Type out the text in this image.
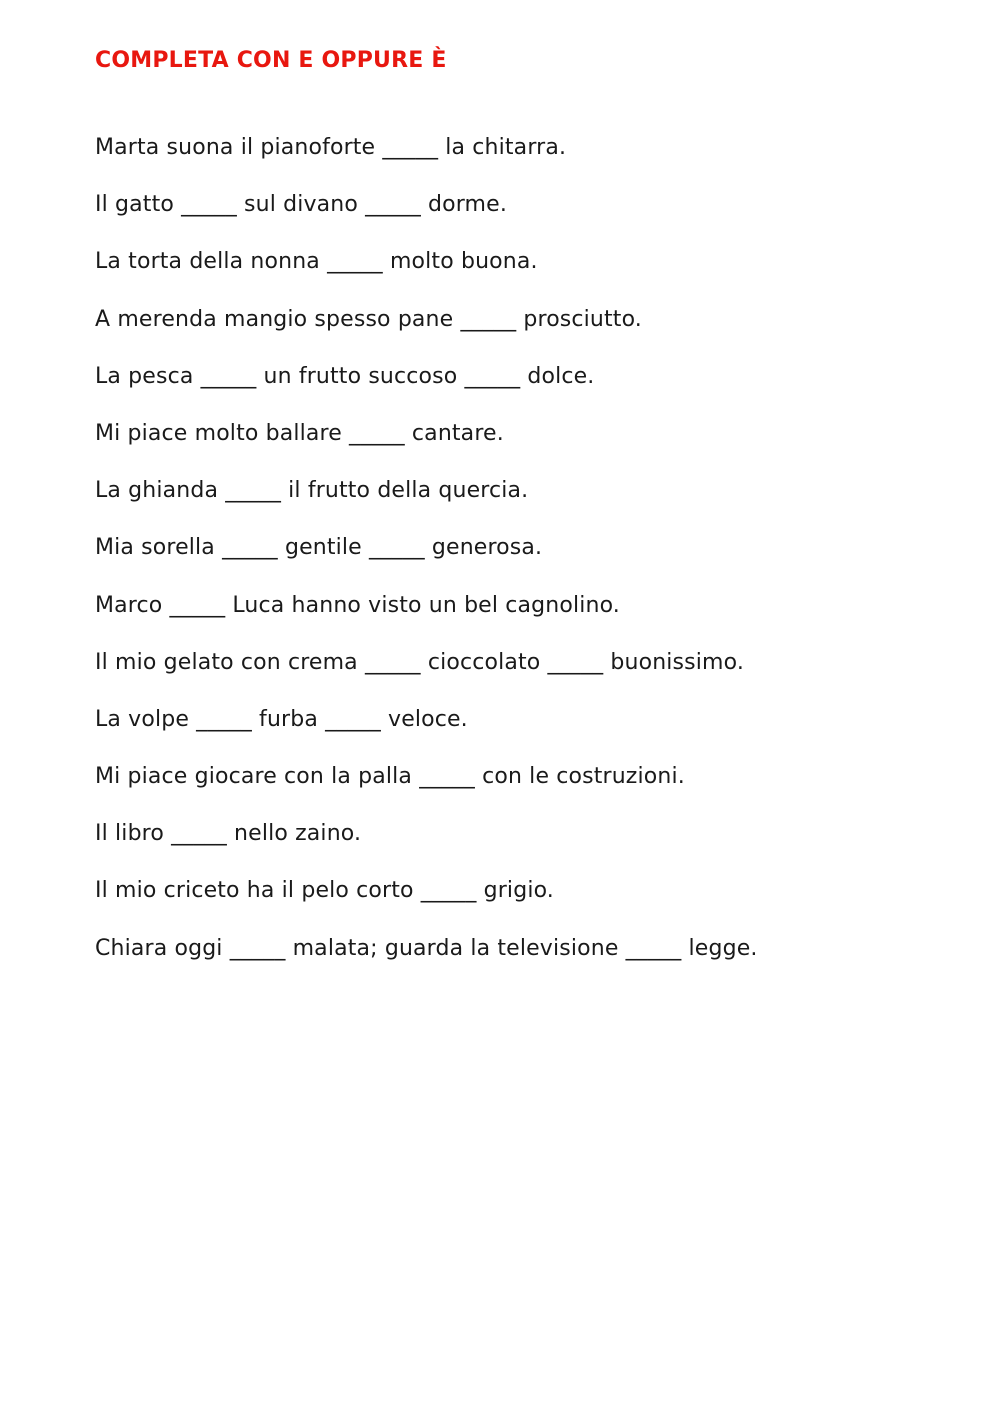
COMPLETA CON E OPPURE È
Marta suona il pianoforte _____ la chitarra.
Il gatto _____ sul divano _____ dorme.
La torta della nonna _____ molto buona.
A merenda mangio spesso pane _____ prosciutto.
La pesca _____ un frutto succoso _____ dolce.
Mi piace molto ballare _____ cantare.
La ghianda _____ il frutto della quercia.
Mia sorella _____ gentile _____ generosa.
Marco _____ Luca hanno visto un bel cagnolino.
Il mio gelato con crema _____ cioccolato _____ buonissimo.
La volpe _____ furba _____ veloce.
Mi piace giocare con la palla _____ con le costruzioni.
Il libro _____ nello zaino.
Il mio criceto ha il pelo corto _____ grigio.
Chiara oggi _____ malata; guarda la televisione _____ legge.
